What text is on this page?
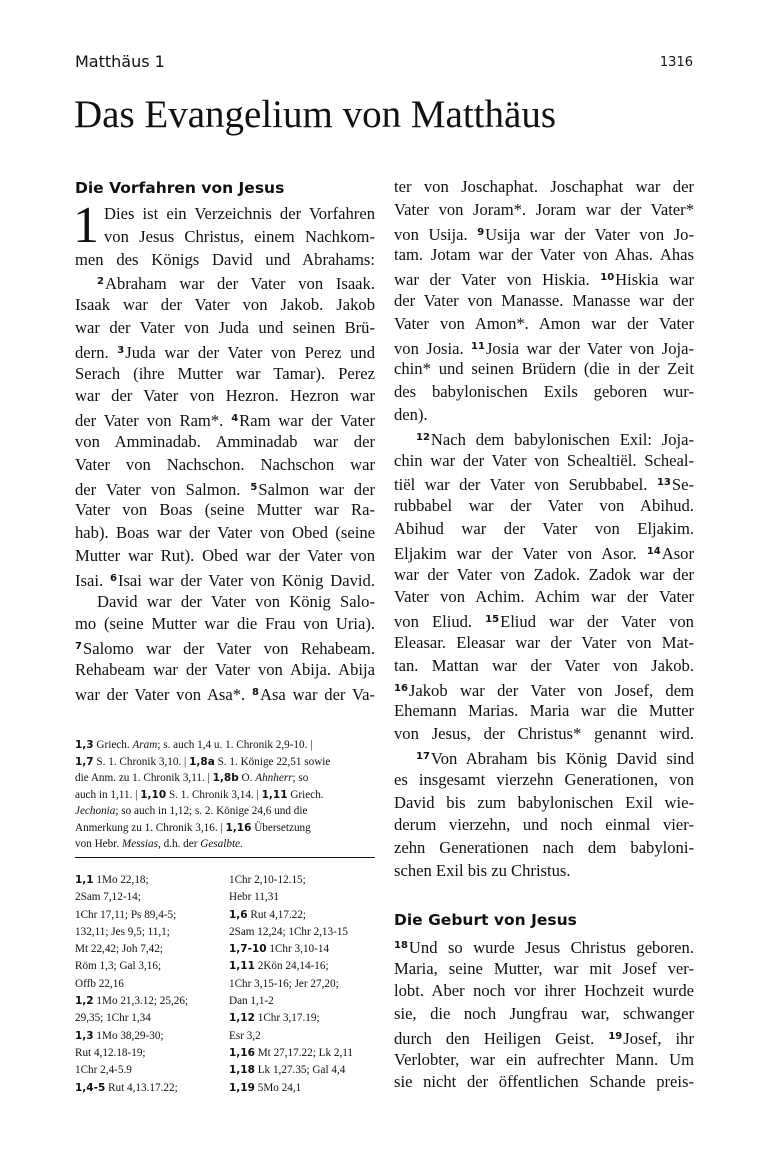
Matthäus 1	1316
Das Evangelium von Matthäus
Die Vorfahren von Jesus
1 Dies ist ein Verzeichnis der Vorfahren
von Jesus Christus, einem Nachkom-
men des Königs David und Abrahams:
$^2$Abraham war der Vater von Isaak.
Isaak war der Vater von Jakob. Jakob
war der Vater von Juda und seinen Brü-
dern. $^3$Juda war der Vater von Perez und
Serach (ihre Mutter war Tamar). Perez
war der Vater von Hezron. Hezron war
der Vater von Ram*. $^4$Ram war der Vater
von Amminadab. Amminadab war der
Vater von Nachschon. Nachschon war
der Vater von Salmon. $^5$Salmon war der
Vater von Boas (seine Mutter war Ra-
hab). Boas war der Vater von Obed (seine
Mutter war Rut). Obed war der Vater von
Isai. $^6$Isai war der Vater von König David.
David war der Vater von König Salo-
mo (seine Mutter war die Frau von Uria).
$^7$Salomo war der Vater von Rehabeam.
Rehabeam war der Vater von Abija. Abija
war der Vater von Asa*. $^8$Asa war der Va-
1,3 Griech. Aram; s. auch 1,4 u. 1. Chronik 2,9-10. |
1,7 S. 1. Chronik 3,10. | 1,8a S. 1. Könige 22,51 sowie
die Anm. zu 1. Chronik 3,11. | 1,8b O. Ahnherr; so
auch in 1,11. | 1,10 S. 1. Chronik 3,14. | 1,11 Griech.
Jechonia; so auch in 1,12; s. 2. Könige 24,6 und die
Anmerkung zu 1. Chronik 3,16. | 1,16 Übersetzung
von Hebr. Messias, d.h. der Gesalbte.
1,1 1Mo 22,18;
2Sam 7,12-14;
1Chr 17,11; Ps 89,4-5;
132,11; Jes 9,5; 11,1;
Mt 22,42; Joh 7,42;
Röm 1,3; Gal 3,16;
Offb 22,16
1,2 1Mo 21,3.12; 25,26;
29,35; 1Chr 1,34
1,3 1Mo 38,29-30;
Rut 4,12.18-19;
1Chr 2,4-5.9
1,4-5 Rut 4,13.17.22;
1Chr 2,10-12.15;
Hebr 11,31
1,6 Rut 4,17.22;
2Sam 12,24; 1Chr 2,13-15
1,7-10 1Chr 3,10-14
1,11 2Kön 24,14-16;
1Chr 3,15-16; Jer 27,20;
Dan 1,1-2
1,12 1Chr 3,17.19;
Esr 3,2
1,16 Mt 27,17.22; Lk 2,11
1,18 Lk 1,27.35; Gal 4,4
1,19 5Mo 24,1
ter von Joschaphat. Joschaphat war der
Vater von Joram*. Joram war der Vater*
von Usija. $^9$Usija war der Vater von Jo-
tam. Jotam war der Vater von Ahas. Ahas
war der Vater von Hiskia. $^{10}$Hiskia war
der Vater von Manasse. Manasse war der
Vater von Amon*. Amon war der Vater
von Josia. $^{11}$Josia war der Vater von Joja-
chin* und seinen Brüdern (die in der Zeit
des babylonischen Exils geboren wur-
den).
$^{12}$Nach dem babylonischen Exil: Joja-
chin war der Vater von Schealtiël. Scheal-
tiël war der Vater von Serubbabel. $^{13}$Se-
rubbabel war der Vater von Abihud.
Abihud war der Vater von Eljakim.
Eljakim war der Vater von Asor. $^{14}$Asor
war der Vater von Zadok. Zadok war der
Vater von Achim. Achim war der Vater
von Eliud. $^{15}$Eliud war der Vater von
Eleasar. Eleasar war der Vater von Mat-
tan. Mattan war der Vater von Jakob.
$^{16}$Jakob war der Vater von Josef, dem
Ehemann Marias. Maria war die Mutter
von Jesus, der Christus* genannt wird.
$^{17}$Von Abraham bis König David sind
es insgesamt vierzehn Generationen, von
David bis zum babylonischen Exil wie-
derum vierzehn, und noch einmal vier-
zehn Generationen nach dem babyloni-
schen Exil bis zu Christus.
Die Geburt von Jesus
$^{18}$Und so wurde Jesus Christus geboren.
Maria, seine Mutter, war mit Josef ver-
lobt. Aber noch vor ihrer Hochzeit wurde
sie, die noch Jungfrau war, schwanger
durch den Heiligen Geist. $^{19}$Josef, ihr
Verlobter, war ein aufrechter Mann. Um
sie nicht der öffentlichen Schande preis-
